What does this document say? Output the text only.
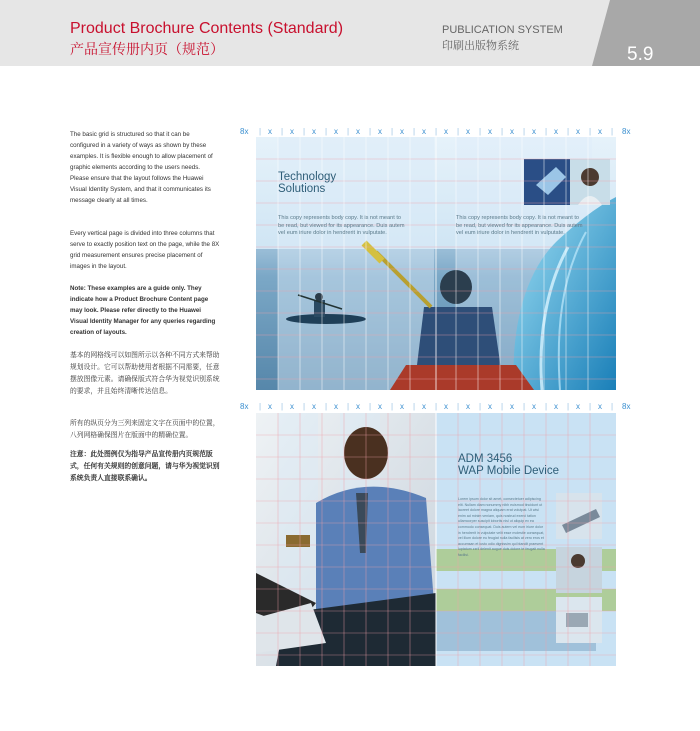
Product Brochure Contents (Standard)
产品宣传册内页（规范）
PUBLICATION SYSTEM
印刷出版物系统	5.9

The basic grid is structured so that it can be configured in a variety of ways as shown by these examples. It is flexible enough to allow placement of graphic elements according to the users needs. Please ensure that the layout follows the Huawei Visual Identity System, and that it communicates its message clearly at all times.

Every vertical page is divided into three columns that serve to exactly position text on the page, while the 8X grid measurement ensures precise placement of images in the layout.

Note: These examples are a guide only. They indicate how a Product Brochure Content page may look. Please refer directly to the Huawei Visual Identity Manager for any queries regarding creation of layouts.

基本的网格线可以如图所示以各种不同方式来帮助规划设计。它可以帮助使用者根据不同需要，任意摆放图像元素。请确保版式符合华为视觉识别系统的要求，并且始终清晰传达信息。

所有的纵页分为三列来固定文字在页面中的位置，八列网格确保图片在版面中的精确位置。

注意：此处图例仅为指导产品宣传册内页规范版式，任何有关规则的创意问题，请与华为视觉识别系统负责人直接联系确认。

8x x x x x x x x x x x x x x x x x	8x
| | | | | | | | | | | | | | | | |
8x x x x x x x x x x x x x x x x x	8x
| | | | | | | | | | | | | | | | |
Technology
Solutions
This copy represents body copy. It is not meant to be read, but viewed for its appearance. Duis autem vel eum iriure dolor in hendrerit in vulputate.
This copy represents body copy. It is not meant to be read, but viewed for its appearance. Duis autem vel eum iriure dolor in hendrerit in vulputate.
ADM 3456
WAP Mobile Device
Lorem ipsum dolor sit amet, consectetuer adipiscing elit. Nullam diam nonummy nibh euismod tincidunt ut laoreet dolore magna aliquam erat volutpat. Ut wisi enim ad minim veniam, quis nostrud exerci tation ullamcorper suscipit lobortis nisl ut aliquip ex ea commodo consequat. Duis autem vel eum iriure dolor in hendrerit in vulputate velit esse molestie consequat, vel illum dolore eu feugiat nulla facilisis at vero eros et accumsan et iusto odio dignissim qui blandit praesent luptatum zzril delenit augue duis dolore te feugait nulla facilisi.
